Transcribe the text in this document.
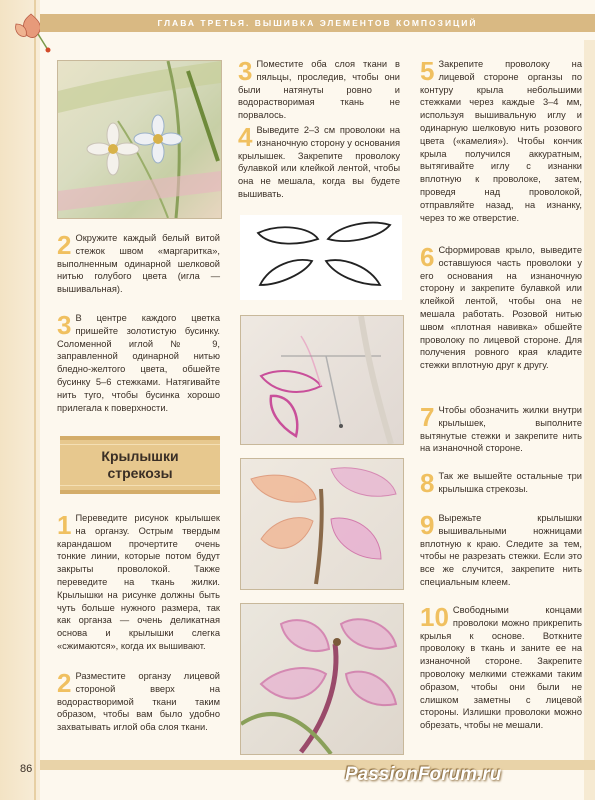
ГЛАВА ТРЕТЬЯ. ВЫШИВКА ЭЛЕМЕНТОВ КОМПОЗИЦИЙ
2 Окружите каждый белый витой стежок швом «маргаритка», выполненным одинарной шелковой нитью голубого цвета (игла — вышивальная).
3 В центре каждого цветка пришейте золотистую бусинку. Соломенной иглой № 9, заправленной одинарной нитью бледно-желтого цвета, обшейте бусинку 5–6 стежками. Натягивайте нить туго, чтобы бусинка хорошо прилегала к поверхности.
Крылышки
стрекозы
1 Переведите рисунок крылышек на органзу. Острым твердым карандашом прочертите очень тонкие линии, которые потом будут закрыты проволокой. Также переведите на ткань жилки. Крылышки на рисунке должны быть чуть больше нужного размера, так как органза — очень деликатная основа и крылышки слегка «сжимаются», когда их вышивают.
2 Разместите органзу лицевой стороной вверх на водорастворимой ткани таким образом, чтобы вам было удобно захватывать иглой оба слоя ткани.
3 Поместите оба слоя ткани в пяльцы, проследив, чтобы они были натянуты ровно и водорастворимая ткань не порвалось.
4 Выведите 2–3 см проволоки на изнаночную сторону у основания крылышек. Закрепите проволоку булавкой или клейкой лентой, чтобы она не мешала, когда вы будете вышивать.
5 Закрепите проволоку на лицевой стороне органзы по контуру крыла небольшими стежками через каждые 3–4 мм, используя вышивальную иглу и одинарную шелковую нить розового цвета («камелия»). Чтобы кончик крыла получился аккуратным, вытягивайте иглу с изнанки вплотную к проволоке, затем, проведя над проволокой, отправляйте назад, на изнанку, через то же отверстие.
6 Сформировав крыло, выведите оставшуюся часть проволоки у его основания на изнаночную сторону и закрепите булавкой или клейкой лентой, чтобы она не мешала работать. Розовой нитью швом «плотная навивка» обшейте проволоку по лицевой стороне. Для получения ровного края кладите стежки вплотную друг к другу.
7 Чтобы обозначить жилки внутри крылышек, выполните вытянутые стежки и закрепите нить на изнаночной стороне.
8 Так же вышейте остальные три крылышка стрекозы.
9 Вырежьте крылышки вышивальными ножницами вплотную к краю. Следите за тем, чтобы не разрезать стежки. Если это все же случится, закрепите нить специальным клеем.
10 Свободными концами проволоки можно прикрепить крылья к основе. Воткните проволоку в ткань и заните ее на изнаночной стороне. Закрепите проволоку мелкими стежками таким образом, чтобы они были не слишком заметны с лицевой стороны. Излишки проволоки можно обрезать, чтобы не мешали.
86	PassionForum.ru
